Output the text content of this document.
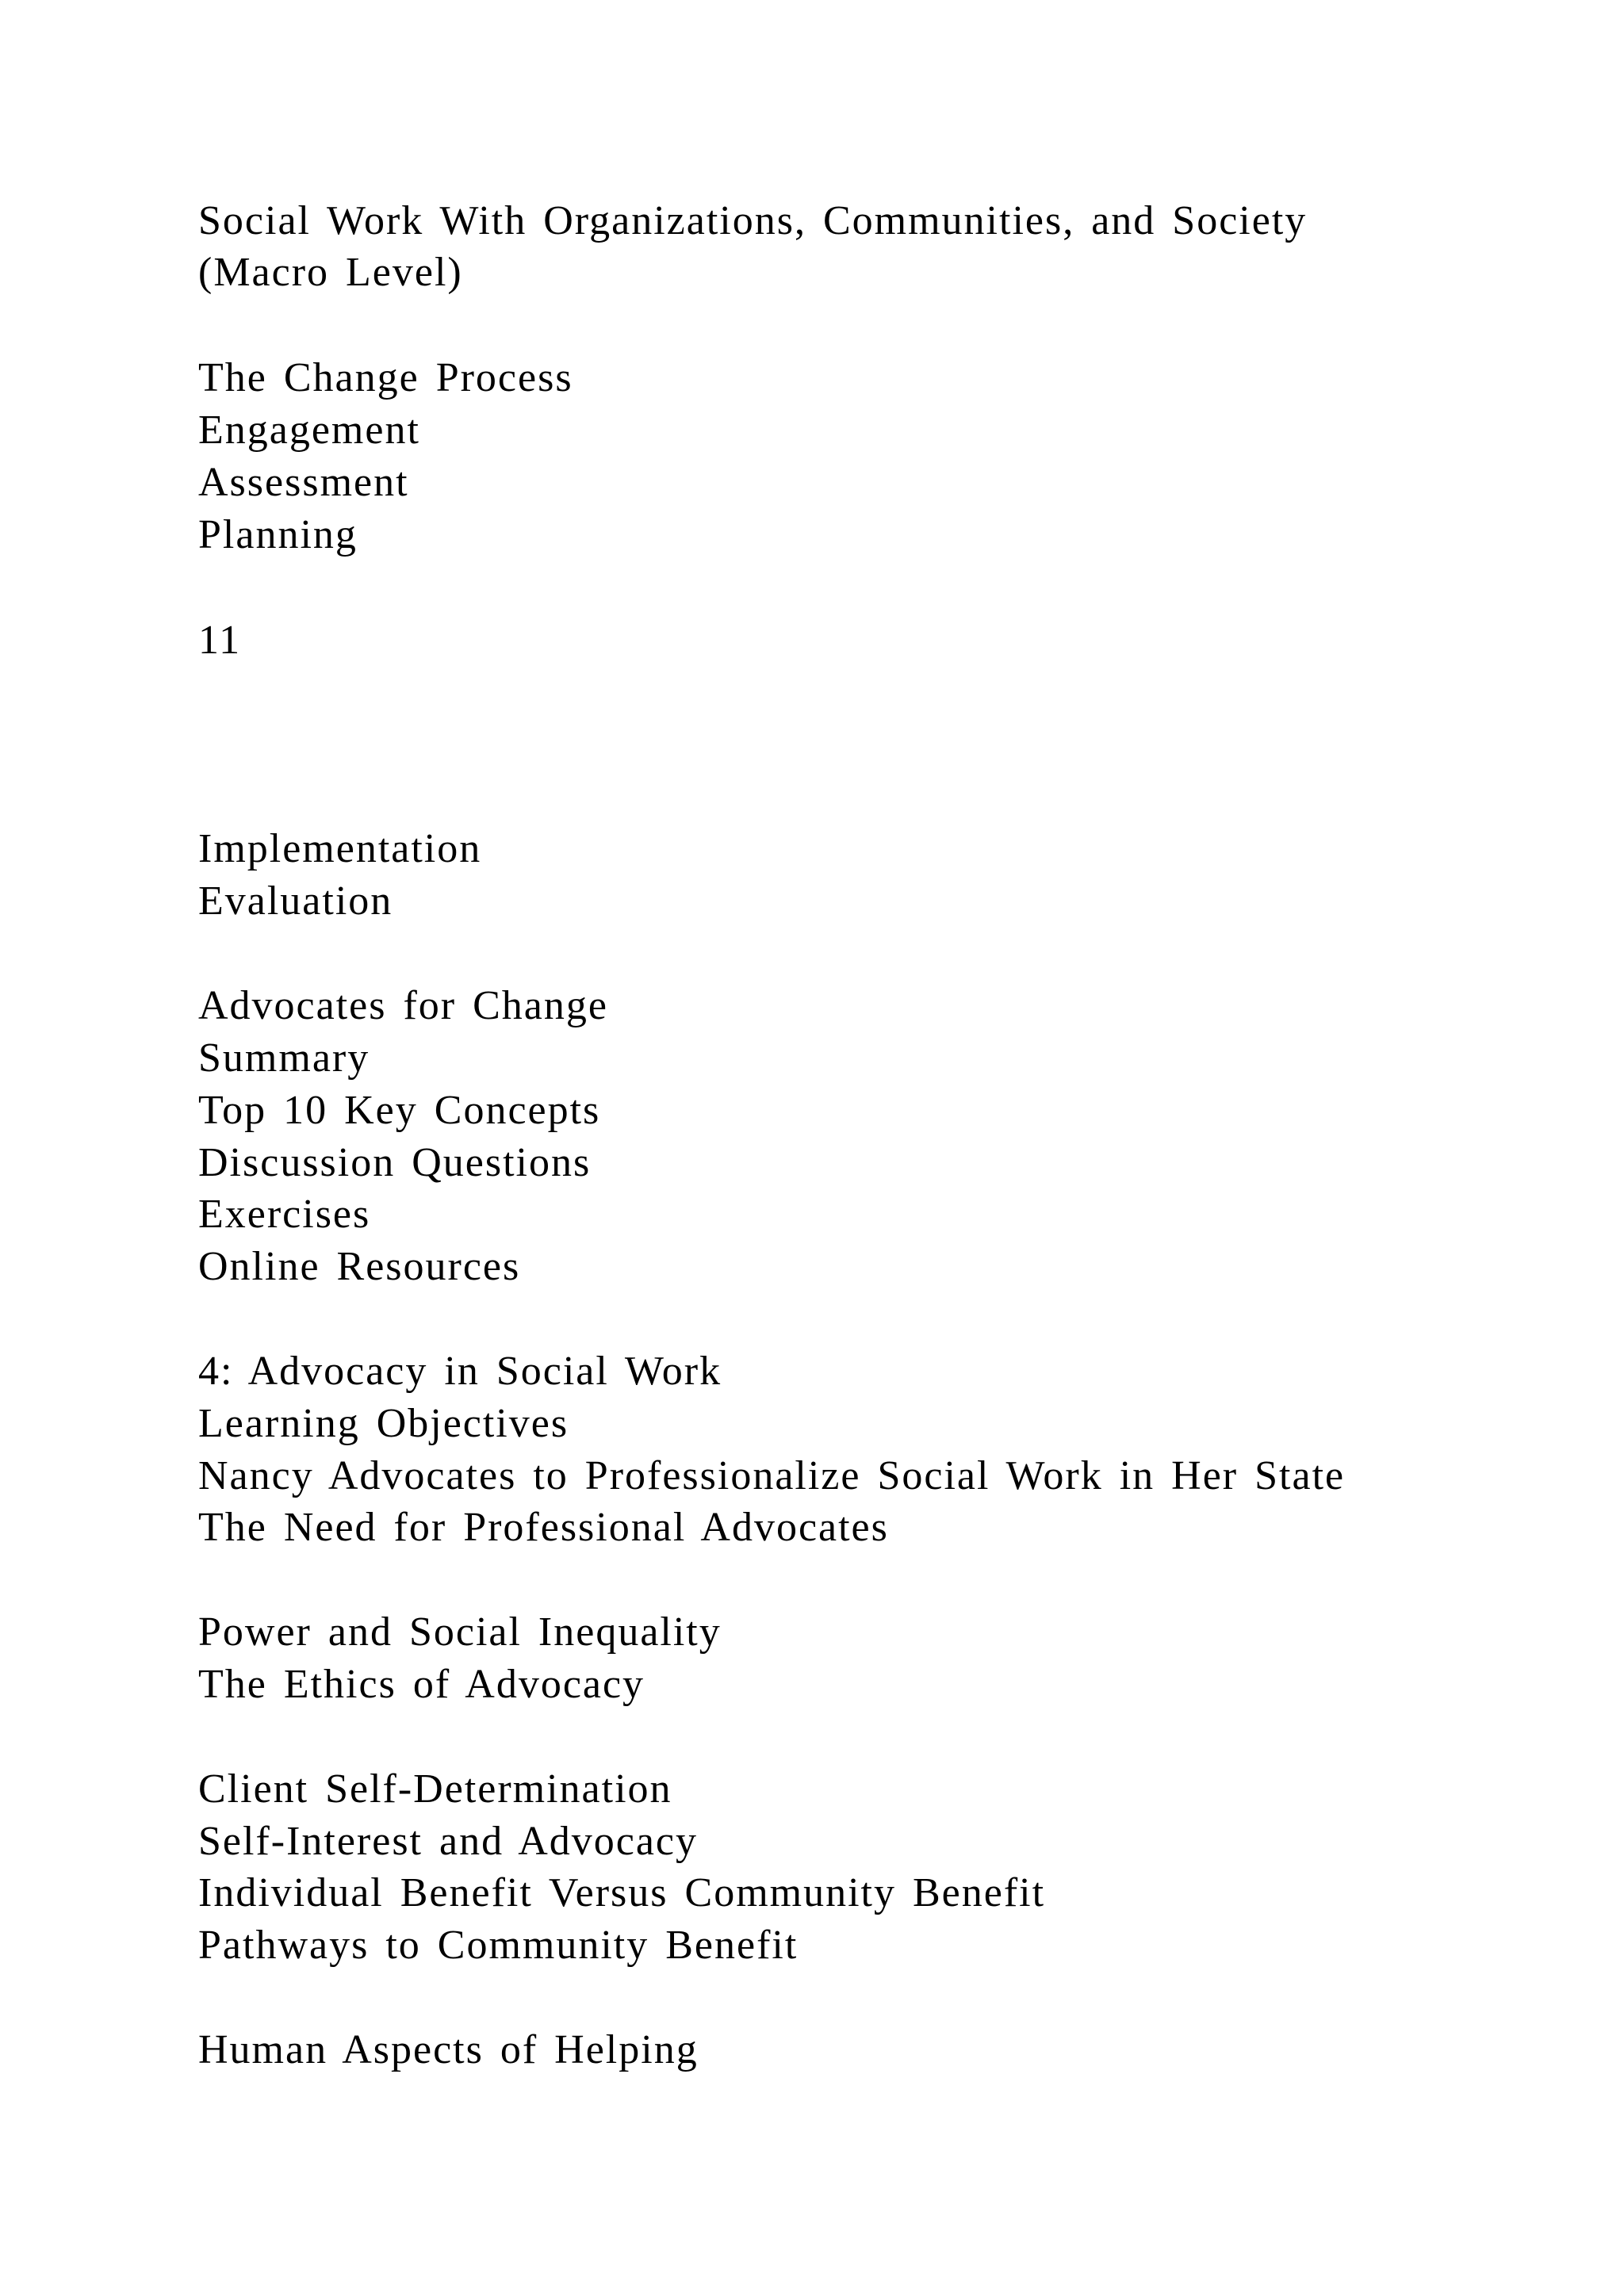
Social Work With Organizations, Communities, and Society

(Macro Level)

The Change Process

Engagement

Assessment

Planning

11

Implementation

Evaluation

Advocates for Change

Summary

Top 10 Key Concepts

Discussion Questions

Exercises

Online Resources

4: Advocacy in Social Work

Learning Objectives

Nancy Advocates to Professionalize Social Work in Her State

The Need for Professional Advocates

Power and Social Inequality

The Ethics of Advocacy

Client Self-Determination

Self-Interest and Advocacy

Individual Benefit Versus Community Benefit

Pathways to Community Benefit

Human Aspects of Helping
